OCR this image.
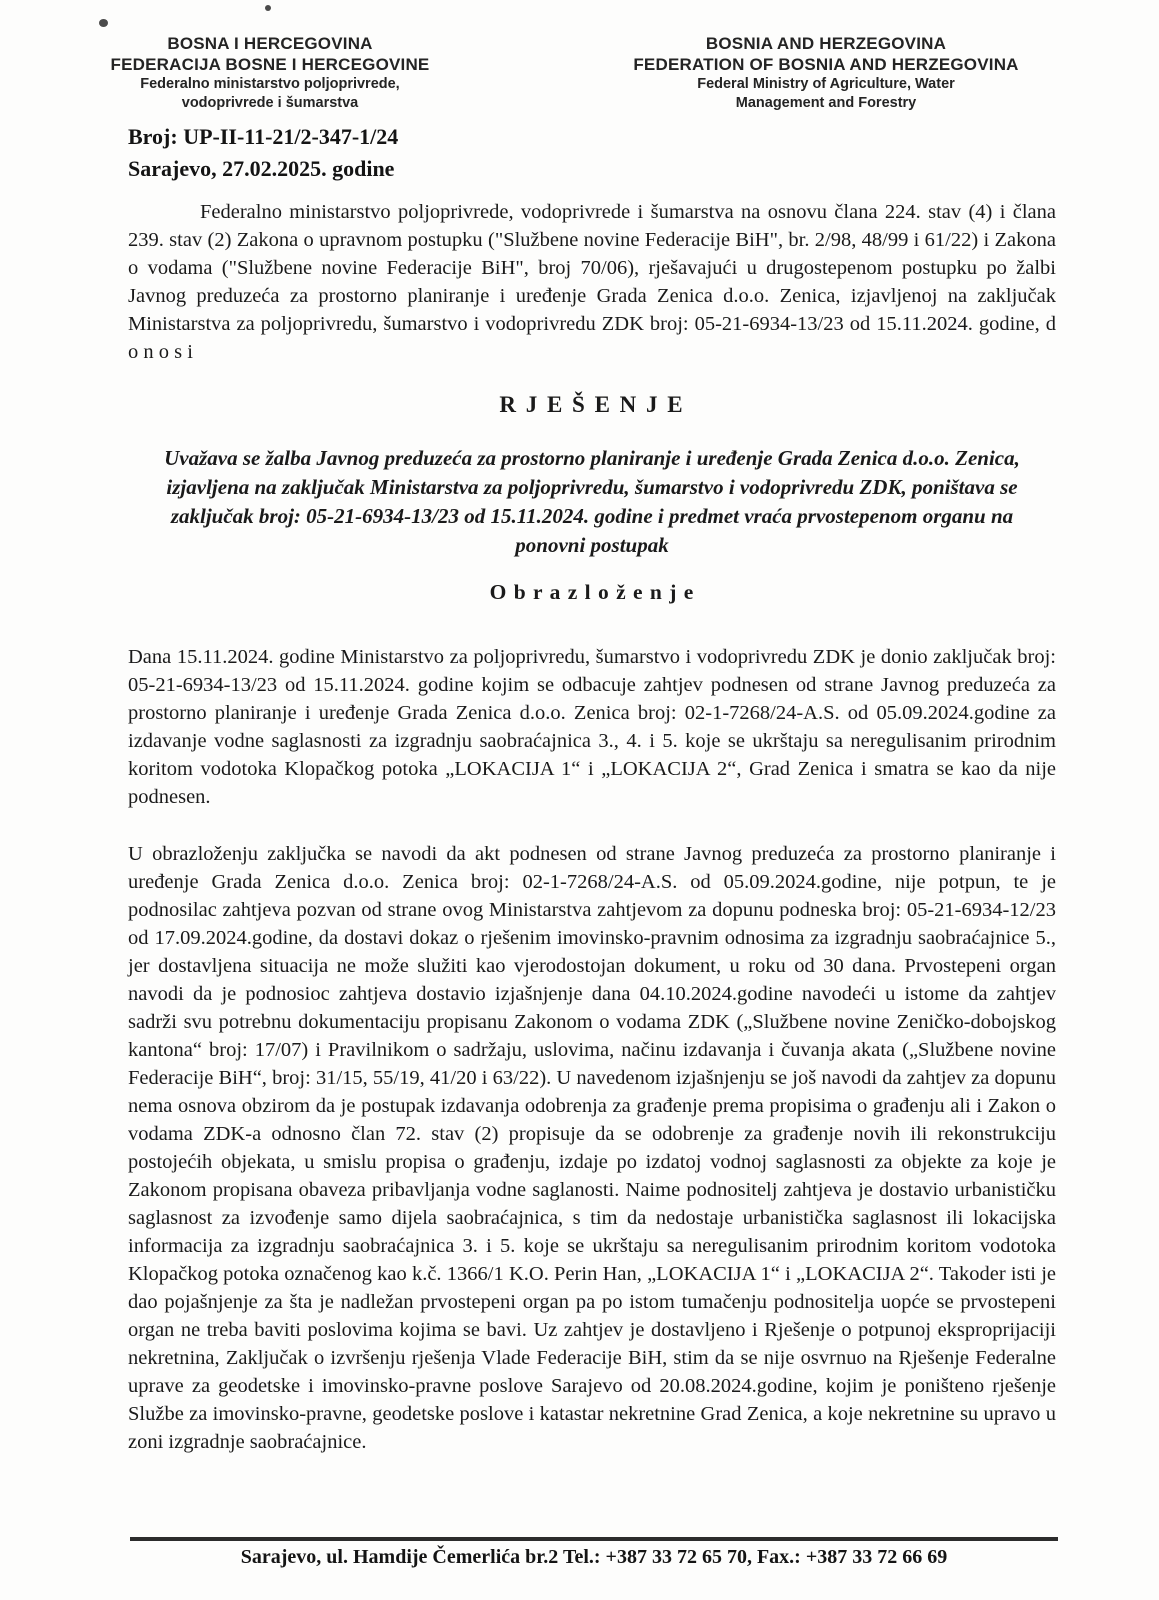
BOSNA I HERCEGOVINA
FEDERACIJA BOSNE I HERCEGOVINE
Federalno ministarstvo poljoprivrede,
vodoprivrede i šumarstva
BOSNIA AND HERZEGOVINA
FEDERATION OF BOSNIA AND HERZEGOVINA
Federal Ministry of Agriculture, Water
Management and Forestry
Broj: UP-II-11-21/2-347-1/24
Sarajevo, 27.02.2025. godine

Federalno ministarstvo poljoprivrede, vodoprivrede i šumarstva na osnovu člana 224. stav (4) i člana 239. stav (2) Zakona o upravnom postupku ("Službene novine Federacije BiH", br. 2/98, 48/99 i 61/22) i Zakona o vodama ("Službene novine Federacije BiH", broj 70/06), rješavajući u drugostepenom postupku po žalbi Javnog preduzeća za prostorno planiranje i uređenje Grada Zenica d.o.o. Zenica, izjavljenoj na zaključak Ministarstva za poljoprivredu, šumarstvo i vodoprivredu ZDK broj: 05-21-6934-13/23 od 15.11.2024. godine, d o n o s i

R J E Š E N J E
Uvažava se žalba Javnog preduzeća za prostorno planiranje i uređenje Grada Zenica d.o.o. Zenica, izjavljena na zaključak Ministarstva za poljoprivredu, šumarstvo i vodoprivredu ZDK, poništava se zaključak broj: 05-21-6934-13/23 od 15.11.2024. godine i predmet vraća prvostepenom organu na ponovni postupak
O b r a z l o ž e n j e

Dana 15.11.2024. godine Ministarstvo za poljoprivredu, šumarstvo i vodoprivredu ZDK je donio zaključak broj: 05-21-6934-13/23 od 15.11.2024. godine kojim se odbacuje zahtjev podnesen od strane Javnog preduzeća za prostorno planiranje i uređenje Grada Zenica d.o.o. Zenica broj: 02-1-7268/24-A.S. od 05.09.2024.godine za izdavanje vodne saglasnosti za izgradnju saobraćajnica 3., 4. i 5. koje se ukrštaju sa neregulisanim prirodnim koritom vodotoka Klopačkog potoka „LOKACIJA 1“ i „LOKACIJA 2“, Grad Zenica i smatra se kao da nije podnesen.

U obrazloženju zaključka se navodi da akt podnesen od strane Javnog preduzeća za prostorno planiranje i uređenje Grada Zenica d.o.o. Zenica broj: 02-1-7268/24-A.S. od 05.09.2024.godine, nije potpun, te je podnosilac zahtjeva pozvan od strane ovog Ministarstva zahtjevom za dopunu podneska broj: 05-21-6934-12/23 od 17.09.2024.godine, da dostavi dokaz o rješenim imovinsko-pravnim odnosima za izgradnju saobraćajnice 5., jer dostavljena situacija ne može služiti kao vjerodostojan dokument, u roku od 30 dana. Prvostepeni organ navodi da je podnosioc zahtjeva dostavio izjašnjenje dana 04.10.2024.godine navodeći u istome da zahtjev sadrži svu potrebnu dokumentaciju propisanu Zakonom o vodama ZDK („Službene novine Zeničko-dobojskog kantona“ broj: 17/07) i Pravilnikom o sadržaju, uslovima, načinu izdavanja i čuvanja akata („Službene novine Federacije BiH“, broj: 31/15, 55/19, 41/20 i 63/22). U navedenom izjašnjenju se još navodi da zahtjev za dopunu nema osnova obzirom da je postupak izdavanja odobrenja za građenje prema propisima o građenju ali i Zakon o vodama ZDK-a odnosno član 72. stav (2) propisuje da se odobrenje za građenje novih ili rekonstrukciju postojećih objekata, u smislu propisa o građenju, izdaje po izdatoj vodnoj saglasnosti za objekte za koje je Zakonom propisana obaveza pribavljanja vodne saglanosti. Naime podnositelj zahtjeva je dostavio urbanističku saglasnost za izvođenje samo dijela saobraćajnica, s tim da nedostaje urbanistička saglasnost ili lokacijska informacija za izgradnju saobraćajnica 3. i 5. koje se ukrštaju sa neregulisanim prirodnim koritom vodotoka Klopačkog potoka označenog kao k.č. 1366/1 K.O. Perin Han, „LOKACIJA 1“ i „LOKACIJA 2“. Takoder isti je dao pojašnjenje za šta je nadležan prvostepeni organ pa po istom tumačenju podnositelja uopće se prvostepeni organ ne treba baviti poslovima kojima se bavi. Uz zahtjev je dostavljeno i Rješenje o potpunoj eksproprijaciji nekretnina, Zaključak o izvršenju rješenja Vlade Federacije BiH, stim da se nije osvrnuo na Rješenje Federalne uprave za geodetske i imovinsko-pravne poslove Sarajevo od 20.08.2024.godine, kojim je poništeno rješenje Službe za imovinsko-pravne, geodetske poslove i katastar nekretnine Grad Zenica, a koje nekretnine su upravo u zoni izgradnje saobraćajnice.

Sarajevo, ul. Hamdije Čemerlića br.2 Tel.: +387 33 72 65 70, Fax.: +387 33 72 66 69
